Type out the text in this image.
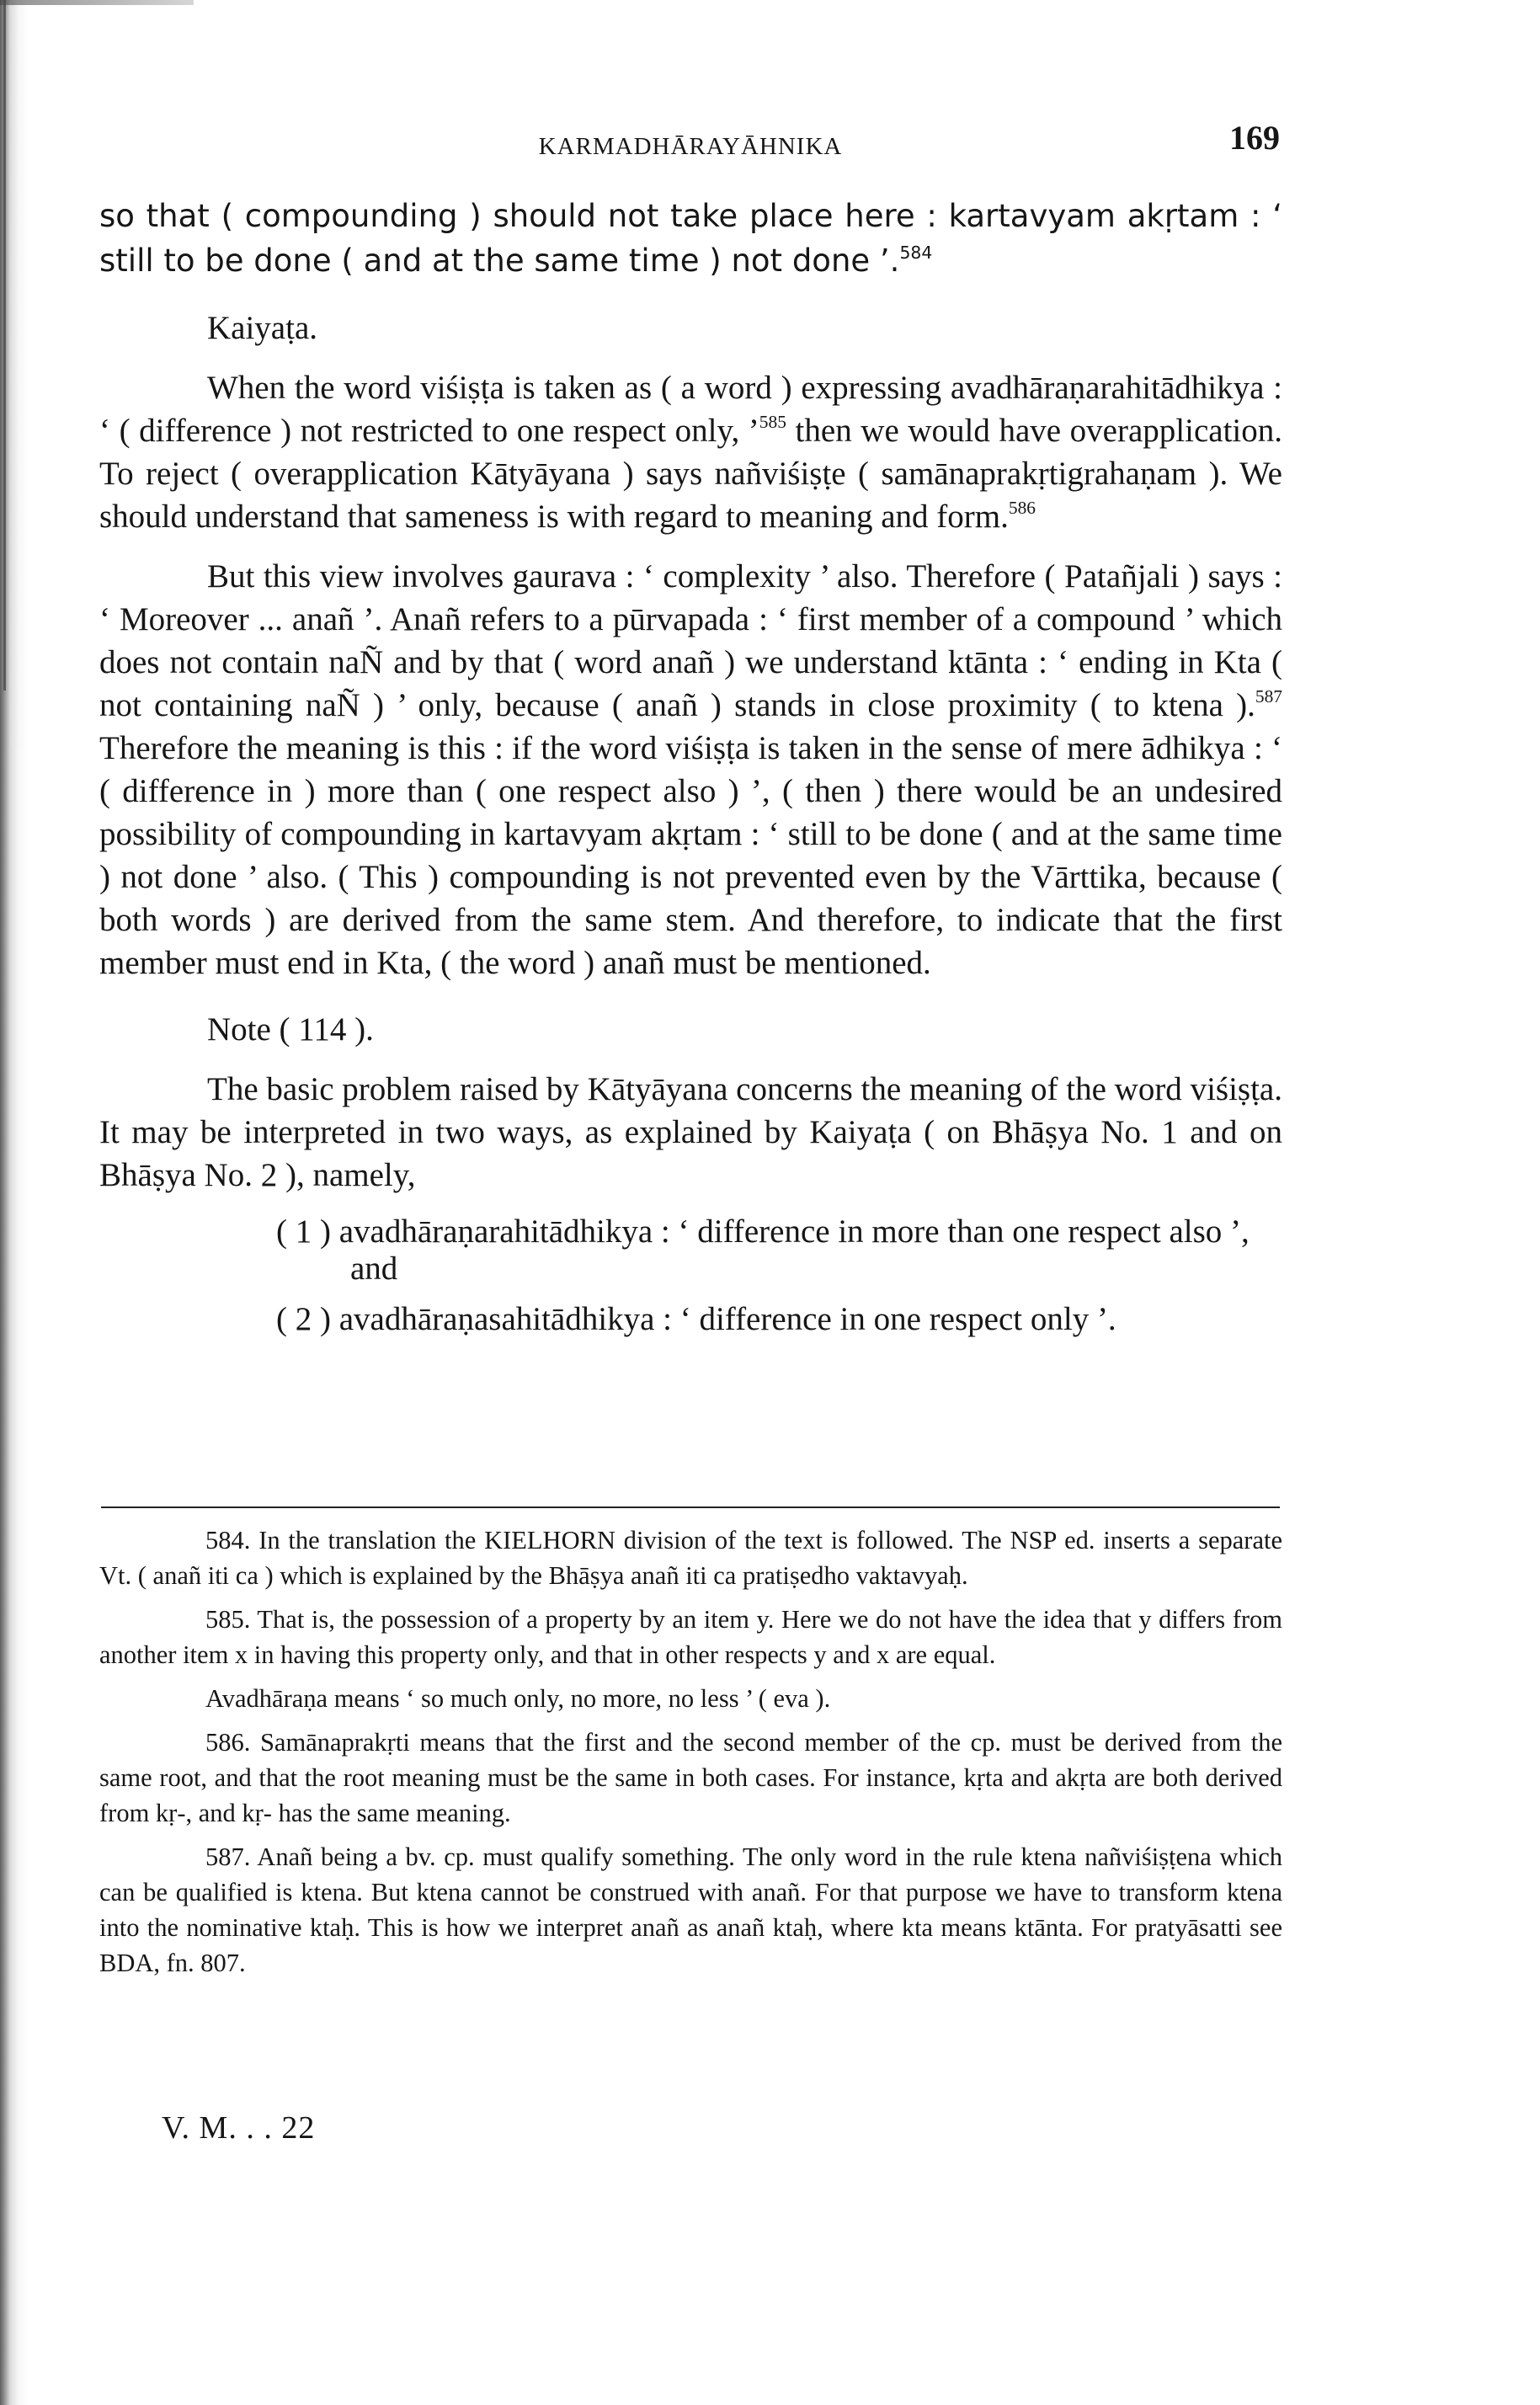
KARMADHĀRAYĀHNIKA	169

so that ( compounding ) should not take place here : kartavyam akṛtam : ‘ still to be done ( and at the same time ) not done ’.$^{584}$

Kaiyaṭa.

When the word viśiṣṭa is taken as ( a word ) expressing avadhāraṇarahitādhikya : ‘ ( difference ) not restricted to one respect only, ’$^{585}$ then we would have overapplication. To reject ( overapplication Kātyāyana ) says nañviśiṣṭe ( samānaprakṛtigrahaṇam ). We should understand that sameness is with regard to meaning and form.$^{586}$

But this view involves gaurava : ‘ complexity ’ also. Therefore ( Patañjali ) says : ‘ Moreover ... anañ ’. Anañ refers to a pūrvapada : ‘ first member of a compound ’ which does not contain naÑ and by that ( word anañ ) we understand ktānta : ‘ ending in Kta ( not containing naÑ ) ’ only, because ( anañ ) stands in close proximity ( to ktena ).$^{587}$ Therefore the meaning is this : if the word viśiṣṭa is taken in the sense of mere ādhikya : ‘ ( difference in ) more than ( one respect also ) ’, ( then ) there would be an undesired possibility of compounding in kartavyam akṛtam : ‘ still to be done ( and at the same time ) not done ’ also. ( This ) compounding is not prevented even by the Vārttika, because ( both words ) are derived from the same stem. And therefore, to indicate that the first member must end in Kta, ( the word ) anañ must be mentioned.

Note ( 114 ).

The basic problem raised by Kātyāyana concerns the meaning of the word viśiṣṭa. It may be interpreted in two ways, as explained by Kaiyaṭa ( on Bhāṣya No. 1 and on Bhāṣya No. 2 ), namely,

( 1 ) avadhāraṇarahitādhikya : ‘ difference in more than one respect also ’, and
( 2 ) avadhāraṇasahitādhikya : ‘ difference in one respect only ’.

584. In the translation the KIELHORN division of the text is followed. The NSP ed. inserts a separate Vt. ( anañ iti ca ) which is explained by the Bhāṣya anañ iti ca pratiṣedho vaktavyaḥ.

585. That is, the possession of a property by an item y. Here we do not have the idea that y differs from another item x in having this property only, and that in other respects y and x are equal.

Avadhāraṇa means ‘ so much only, no more, no less ’ ( eva ).

586. Samānaprakṛti means that the first and the second member of the cp. must be derived from the same root, and that the root meaning must be the same in both cases. For instance, kṛta and akṛta are both derived from kṛ-, and kṛ- has the same meaning.

587. Anañ being a bv. cp. must qualify something. The only word in the rule ktena nañviśiṣṭena which can be qualified is ktena. But ktena cannot be construed with anañ. For that purpose we have to transform ktena into the nominative ktaḥ. This is how we interpret anañ as anañ ktaḥ, where kta means ktānta. For pratyāsatti see BDA, fn. 807.

V. M. . . 22
